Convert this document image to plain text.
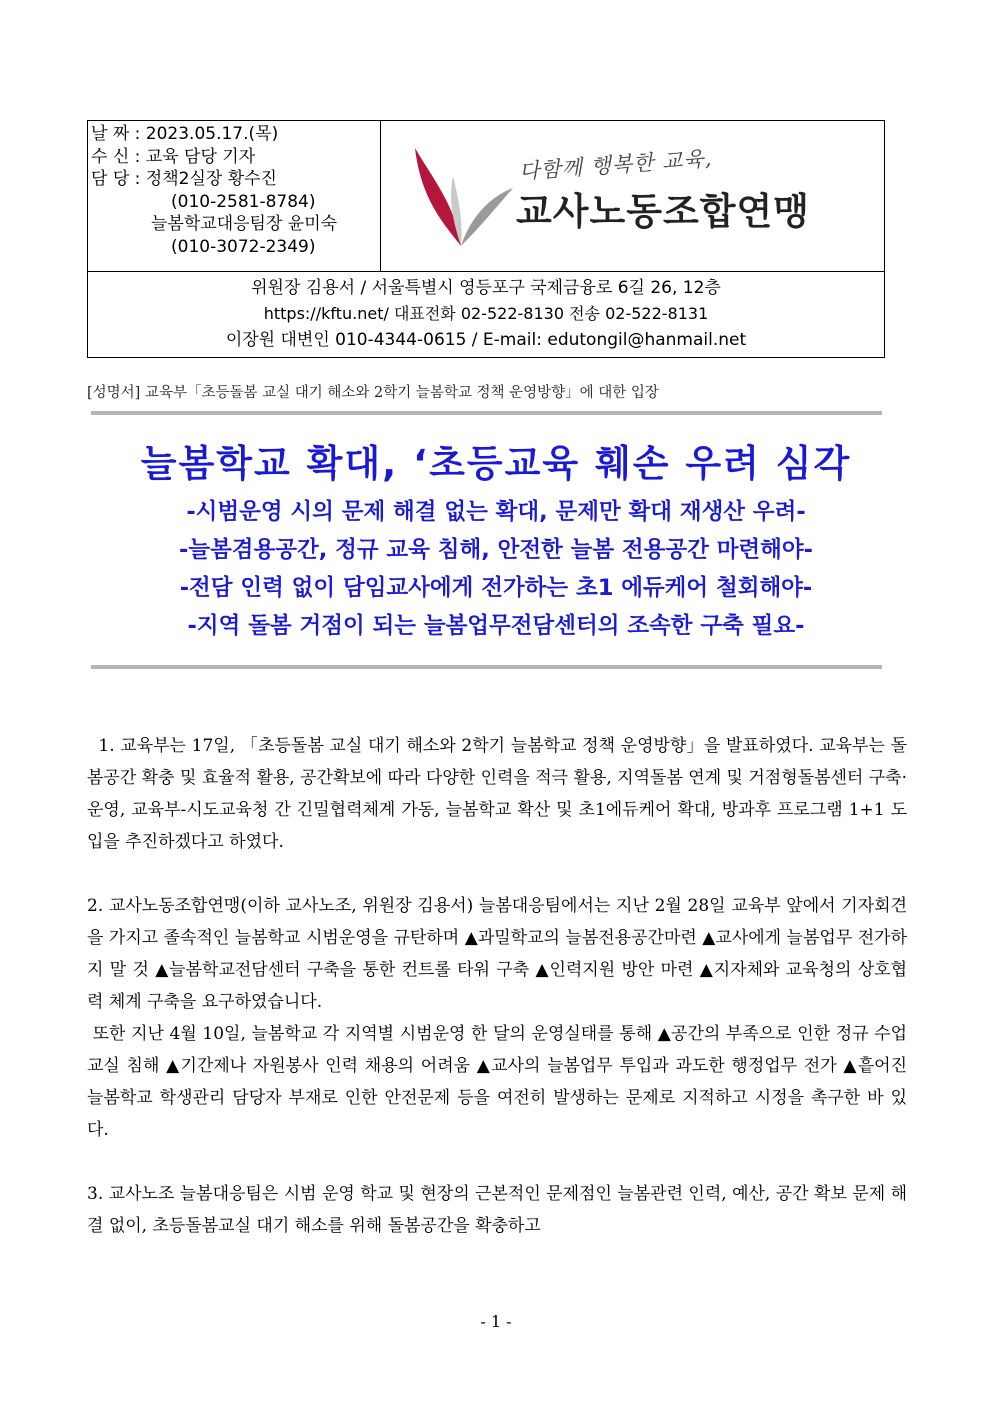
날 짜 : 2023.05.17.(목)
수 신 : 교육 담당 기자
담 당 : 정책2실장 황수진
(010-2581-8784)
늘봄학교대응팀장 윤미숙
(010-3072-2349)
다함께 행복한 교육,
교사노동조합연맹
위원장 김용서 / 서울특별시 영등포구 국제금융로 6길 26, 12층
https://kftu.net/ 대표전화 02-522-8130 전송 02-522-8131
이장원 대변인 010-4344-0615 / E-mail: edutongil@hanmail.net
[성명서] 교육부「초등돌봄 교실 대기 해소와 2학기 늘봄학교 정책 운영방향」에 대한 입장
늘봄학교 확대, ‘초등교육 훼손 우려 심각
-시범운영 시의 문제 해결 없는 확대, 문제만 확대 재생산 우려-
-늘봄겸용공간, 정규 교육 침해, 안전한 늘봄 전용공간 마련해야-
-전담 인력 없이 담임교사에게 전가하는 초1 에듀케어 철회해야-
-지역 돌봄 거점이 되는 늘봄업무전담센터의 조속한 구축 필요-

1. 교육부는 17일, 「초등돌봄 교실 대기 해소와 2학기 늘봄학교 정책 운영방향」을 발표하였다. 교육부는 돌봄공간 확충 및 효율적 활용, 공간확보에 따라 다양한 인력을 적극 활용, 지역돌봄 연계 및 거점형돌봄센터 구축·운영, 교육부-시도교육청 간 긴밀협력체계 가동, 늘봄학교 확산 및 초1에듀케어 확대, 방과후 프로그램 1+1 도입을 추진하겠다고 하였다.

2. 교사노동조합연맹(이하 교사노조, 위원장 김용서) 늘봄대응팀에서는 지난 2월 28일 교육부 앞에서 기자회견을 가지고 졸속적인 늘봄학교 시범운영을 규탄하며 ▲과밀학교의 늘봄전용공간마련 ▲교사에게 늘봄업무 전가하지 말 것 ▲늘봄학교전담센터 구축을 통한 컨트롤 타워 구축 ▲인력지원 방안 마련 ▲지자체와 교육청의 상호협력 체계 구축을 요구하였습니다.

또한 지난 4월 10일, 늘봄학교 각 지역별 시범운영 한 달의 운영실태를 통해 ▲공간의 부족으로 인한 정규 수업교실 침해 ▲기간제나 자원봉사 인력 채용의 어려움 ▲교사의 늘봄업무 투입과 과도한 행정업무 전가 ▲흩어진 늘봄학교 학생관리 담당자 부재로 인한 안전문제 등을 여전히 발생하는 문제로 지적하고 시정을 촉구한 바 있다.

3. 교사노조 늘봄대응팀은 시범 운영 학교 및 현장의 근본적인 문제점인 늘봄관련 인력, 예산, 공간 확보 문제 해결 없이, 초등돌봄교실 대기 해소를 위해 돌봄공간을 확충하고

- 1 -
